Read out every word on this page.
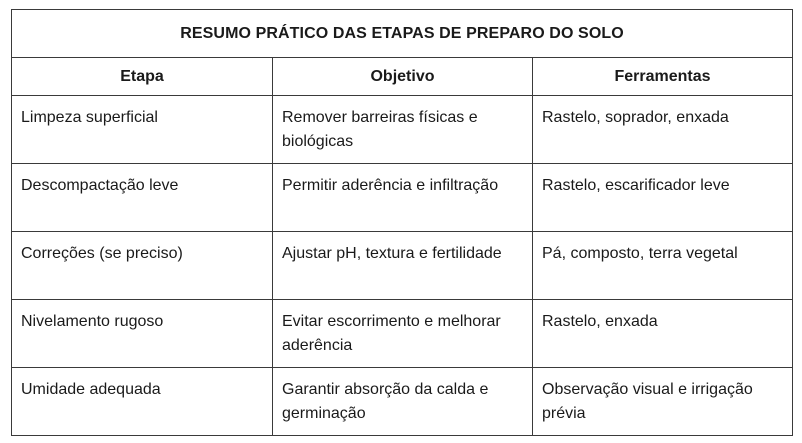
RESUMO PRÁTICO DAS ETAPAS DE PREPARO DO SOLO		
Etapa	Objetivo	Ferramentas
Limpeza superficial	Remover barreiras físicas e biológicas	Rastelo, soprador, enxada
Descompactação leve	Permitir aderência e infiltração	Rastelo, escarificador leve
Correções (se preciso)	Ajustar pH, textura e fertilidade	Pá, composto, terra vegetal
Nivelamento rugoso	Evitar escorrimento e melhorar aderência	Rastelo, enxada
Umidade adequada	Garantir absorção da calda e germinação	Observação visual e irrigação prévia
